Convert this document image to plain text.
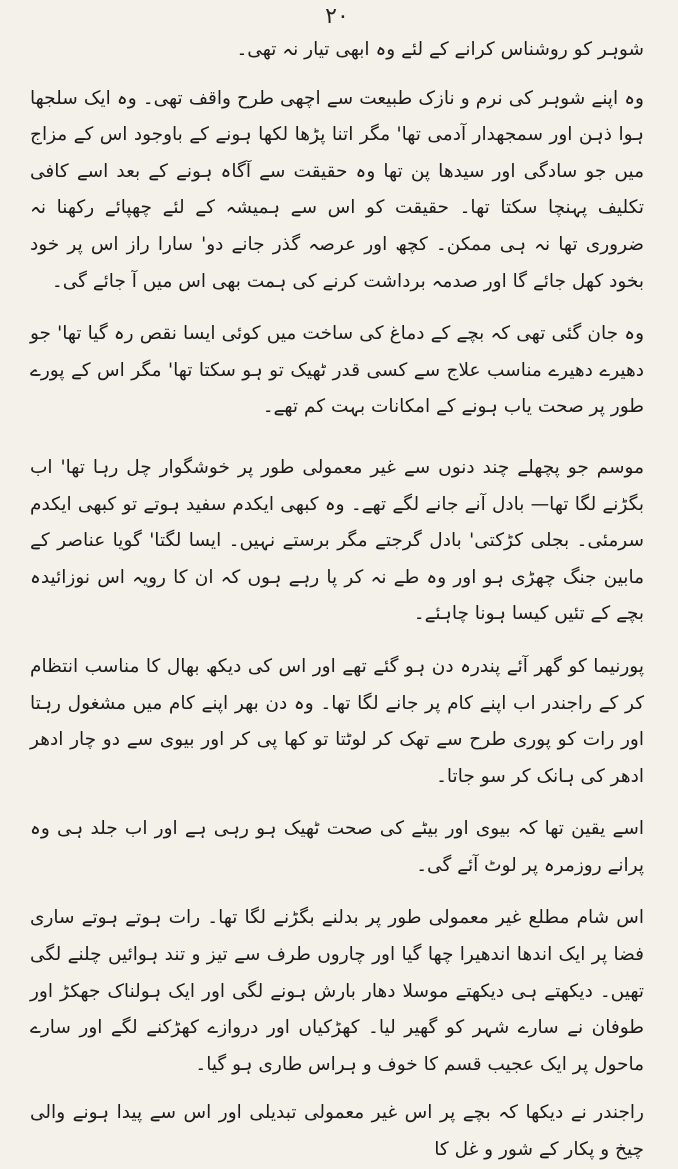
۲۰

شوہر کو روشناس کرانے کے لئے وہ ابھی تیار نہ تھی۔

وہ اپنے شوہر کی نرم و نازک طبیعت سے اچھی طرح واقف تھی۔ وہ ایک سلجھا ہوا ذہن اور سمجھدار آدمی تھا' مگر اتنا پڑھا لکھا ہونے کے باوجود اس کے مزاج میں جو سادگی اور سیدھا پن تھا وہ حقیقت سے آگاہ ہونے کے بعد اسے کافی تکلیف پہنچا سکتا تھا۔ حقیقت کو اس سے ہمیشہ کے لئے چھپائے رکھنا نہ ضروری تھا نہ ہی ممکن۔ کچھ اور عرصہ گذر جانے دو' سارا راز اس پر خود بخود کھل جائے گا اور صدمہ برداشت کرنے کی ہمت بھی اس میں آ جائے گی۔

وہ جان گئی تھی کہ بچے کے دماغ کی ساخت میں کوئی ایسا نقص رہ گیا تھا' جو دھیرے دھیرے مناسب علاج سے کسی قدر ٹھیک تو ہو سکتا تھا' مگر اس کے پورے طور پر صحت یاب ہونے کے امکانات بہت کم تھے۔

موسم جو پچھلے چند دنوں سے غیر معمولی طور پر خوشگوار چل رہا تھا' اب بگڑنے لگا تھا— بادل آنے جانے لگے تھے۔ وہ کبھی ایکدم سفید ہوتے تو کبھی ایکدم سرمئی۔ بجلی کڑکتی' بادل گرجتے مگر برستے نہیں۔ ایسا لگتا' گویا عناصر کے مابین جنگ چھڑی ہو اور وہ طے نہ کر پا رہے ہوں کہ ان کا رویہ اس نوزائیدہ بچے کے تئیں کیسا ہونا چاہئے۔

پورنیما کو گھر آئے پندرہ دن ہو گئے تھے اور اس کی دیکھ بھال کا مناسب انتظام کر کے راجندر اب اپنے کام پر جانے لگا تھا۔ وہ دن بھر اپنے کام میں مشغول رہتا اور رات کو پوری طرح سے تھک کر لوٹتا تو کھا پی کر اور بیوی سے دو چار ادھر ادھر کی ہانک کر سو جاتا۔

اسے یقین تھا کہ بیوی اور بیٹے کی صحت ٹھیک ہو رہی ہے اور اب جلد ہی وہ پرانے روزمرہ پر لوٹ آئے گی۔

اس شام مطلع غیر معمولی طور پر بدلنے بگڑنے لگا تھا۔ رات ہوتے ہوتے ساری فضا پر ایک اندھا اندھیرا چھا گیا اور چاروں طرف سے تیز و تند ہوائیں چلنے لگی تھیں۔ دیکھتے ہی دیکھتے موسلا دھار بارش ہونے لگی اور ایک ہولناک جھکڑ اور طوفان نے سارے شہر کو گھیر لیا۔ کھڑکیاں اور دروازے کھڑکنے لگے اور سارے ماحول پر ایک عجیب قسم کا خوف و ہراس طاری ہو گیا۔

راجندر نے دیکھا کہ بچے پر اس غیر معمولی تبدیلی اور اس سے پیدا ہونے والی چیخ و پکار کے شور و غل کا
